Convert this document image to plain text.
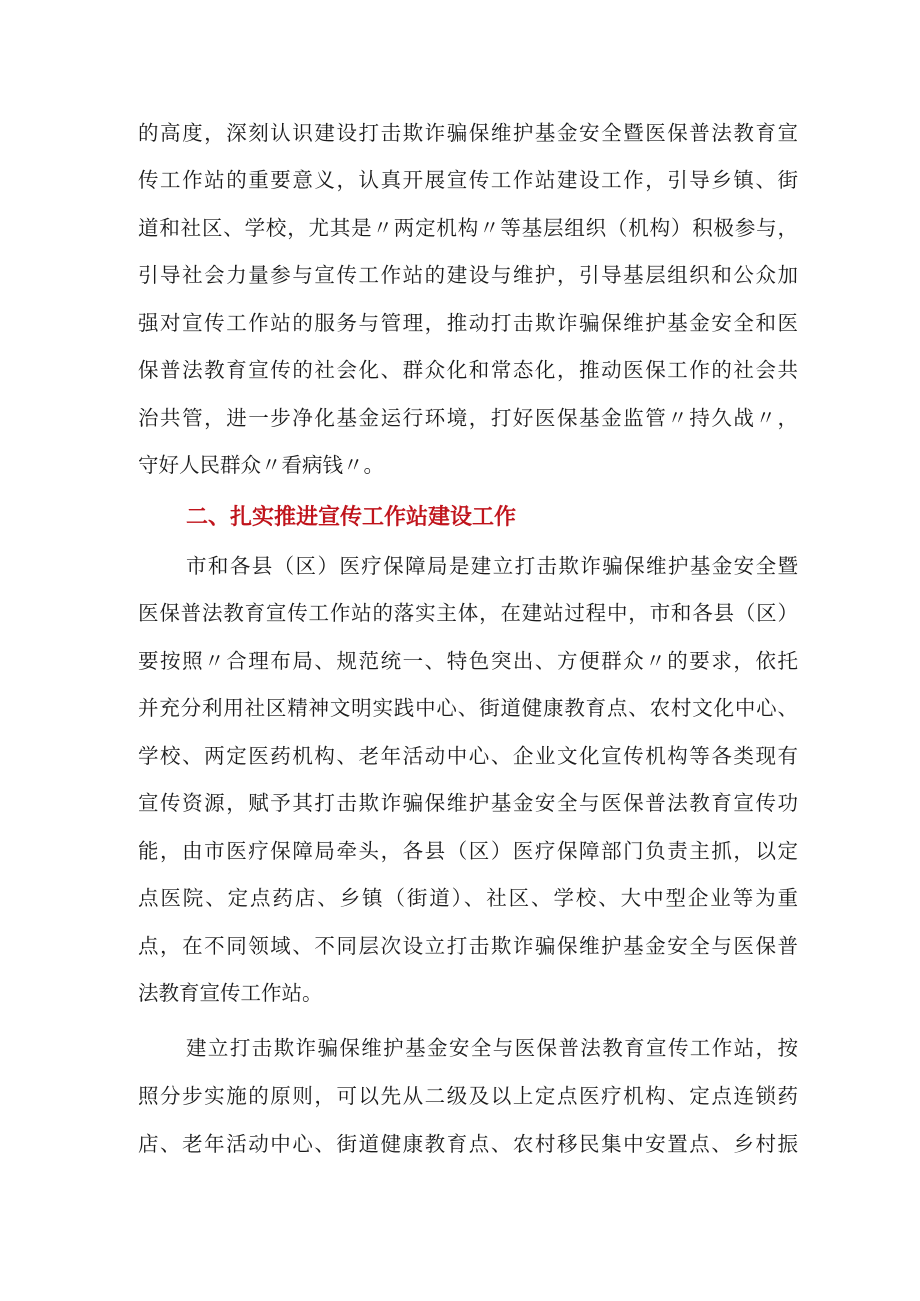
的高度，深刻认识建设打击欺诈骗保维护基金安全暨医保普法教育宣
传工作站的重要意义，认真开展宣传工作站建设工作，引导乡镇、街
道和社区、学校，尤其是〃两定机构〃等基层组织（机构）积极参与，
引导社会力量参与宣传工作站的建设与维护，引导基层组织和公众加
强对宣传工作站的服务与管理，推动打击欺诈骗保维护基金安全和医
保普法教育宣传的社会化、群众化和常态化，推动医保工作的社会共
治共管，进一步净化基金运行环境，打好医保基金监管〃持久战〃，
守好人民群众〃看病钱〃。
二、扎实推进宣传工作站建设工作
市和各县（区）医疗保障局是建立打击欺诈骗保维护基金安全暨
医保普法教育宣传工作站的落实主体，在建站过程中，市和各县（区）
要按照〃合理布局、规范统一、特色突出、方便群众〃的要求，依托
并充分利用社区精神文明实践中心、街道健康教育点、农村文化中心、
学校、两定医药机构、老年活动中心、企业文化宣传机构等各类现有
宣传资源，赋予其打击欺诈骗保维护基金安全与医保普法教育宣传功
能，由市医疗保障局牵头，各县（区）医疗保障部门负责主抓，以定
点医院、定点药店、乡镇（街道）、社区、学校、大中型企业等为重
点，在不同领域、不同层次设立打击欺诈骗保维护基金安全与医保普
法教育宣传工作站。
建立打击欺诈骗保维护基金安全与医保普法教育宣传工作站，按
照分步实施的原则，可以先从二级及以上定点医疗机构、定点连锁药
店、老年活动中心、街道健康教育点、农村移民集中安置点、乡村振
